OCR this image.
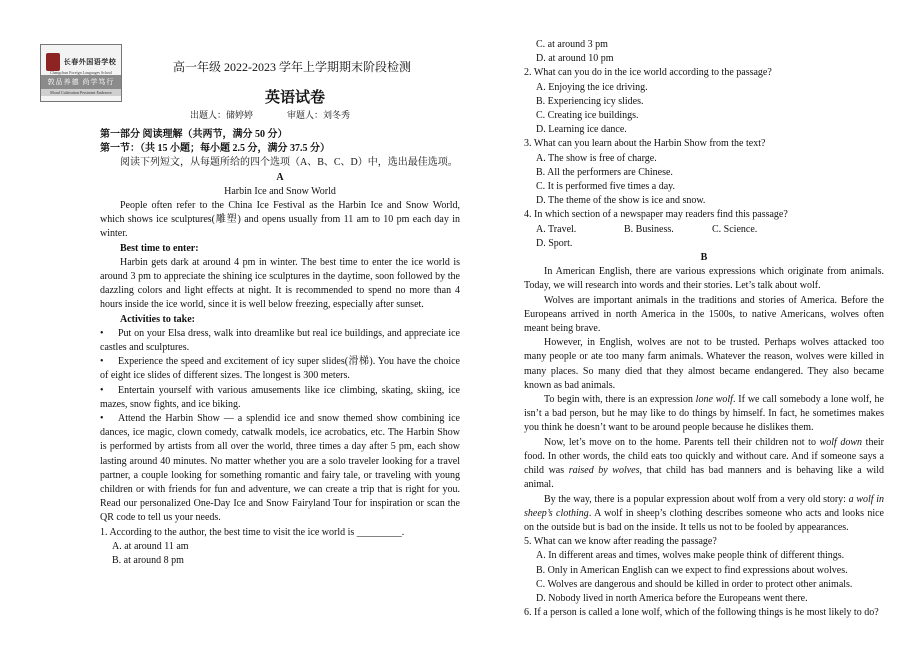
长春外国语学校
Changchun Foreign Languages School
敦品养德 尚学笃行
Moral Cultivation Persistent Endeavor
高一年级 2022-2023 学年上学期期末阶段检测
英语试卷
出题人：储婷婷	审题人：刘冬秀

第一部分 阅读理解（共两节，满分 50 分）

第一节：（共 15 小题；每小题 2.5 分，满分 37.5 分）

阅读下列短文，从每题所给的四个选项（A、B、C、D）中，选出最佳选项。

A

Harbin Ice and Snow World

People often refer to the China Ice Festival as the Harbin Ice and Snow World, which shows ice sculptures(雕塑) and opens usually from 11 am to 10 pm each day in winter.

Best time to enter:

Harbin gets dark at around 4 pm in winter. The best time to enter the ice world is around 3 pm to appreciate the shining ice sculptures in the daytime, soon followed by the dazzling colors and light effects at night. It is recommended to spend no more than 4 hours inside the ice world, since it is well below freezing, especially after sunset.

Activities to take:

• Put on your Elsa dress, walk into dreamlike but real ice buildings, and appreciate ice castles and sculptures.

• Experience the speed and excitement of icy super slides(滑梯). You have the choice of eight ice slides of different sizes. The longest is 300 meters.

• Entertain yourself with various amusements like ice climbing, skating, skiing, ice mazes, snow fights, and ice biking.

• Attend the Harbin Show — a splendid ice and snow themed show combining ice dances, ice magic, clown comedy, catwalk models, ice acrobatics, etc. The Harbin Show is performed by artists from all over the world, three times a day after 5 pm, each show lasting around 40 minutes. No matter whether you are a solo traveler looking for a travel partner, a couple looking for something romantic and fairy tale, or traveling with young children or with friends for fun and adventure, we can create a trip that is right for you. Read our personalized One-Day Ice and Snow Fairyland Tour for inspiration or scan the QR code to tell us your needs.

1. According to the author, the best time to visit the ice world is _________.

A. at around 11 am
B. at around 8 pm
C. at around 3 pm
D. at around 10 pm

2. What can you do in the ice world according to the passage?

A. Enjoying the ice driving.
B. Experiencing icy slides.
C. Creating ice buildings.
D. Learning ice dance.

3. What can you learn about the Harbin Show from the text?

A. The show is free of charge.
B. All the performers are Chinese.
C. It is performed five times a day.
D. The theme of the show is ice and snow.

4. In which section of a newspaper may readers find this passage?

A. Travel.	B. Business.	C. Science.
D. Sport.

B

In American English, there are various expressions which originate from animals. Today, we will research into words and their stories. Let’s talk about wolf.

Wolves are important animals in the traditions and stories of America. Before the Europeans arrived in north America in the 1500s, to native Americans, wolves often meant being brave.

However, in English, wolves are not to be trusted. Perhaps wolves attacked too many people or ate too many farm animals. Whatever the reason, wolves were killed in many places. So many died that they almost became endangered. They also became known as bad animals.

To begin with, there is an expression lone wolf. If we call somebody a lone wolf, he isn’t a bad person, but he may like to do things by himself. In fact, he sometimes makes you think he doesn’t want to be around people because he dislikes them.

Now, let’s move on to the home. Parents tell their children not to wolf down their food. In other words, the child eats too quickly and without care. And if someone says a child was raised by wolves, that child has bad manners and is behaving like a wild animal.

By the way, there is a popular expression about wolf from a very old story: a wolf in sheep’s clothing. A wolf in sheep’s clothing describes someone who acts and looks nice on the outside but is bad on the inside. It tells us not to be fooled by appearances.

5. What can we know after reading the passage?

A. In different areas and times, wolves make people think of different things.
B. Only in American English can we expect to find expressions about wolves.
C. Wolves are dangerous and should be killed in order to protect other animals.
D. Nobody lived in north America before the Europeans went there.

6. If a person is called a lone wolf, which of the following things is he most likely to do?
